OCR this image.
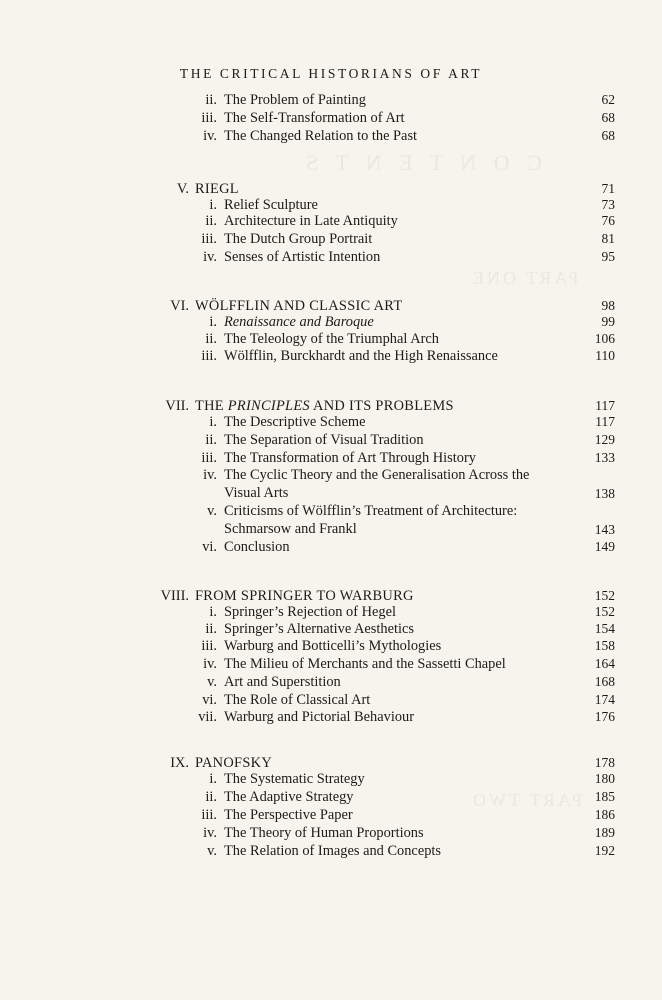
C O N T E N T S
PART ONE
PART TWO
THE CRITICAL HISTORIANS OF ART
ii. The Problem of Painting	62
iii. The Self-Transformation of Art	68
iv. The Changed Relation to the Past	68
V. RIEGL	71
i. Relief Sculpture	73
ii. Architecture in Late Antiquity	76
iii. The Dutch Group Portrait	81
iv. Senses of Artistic Intention	95
VI. WÖLFFLIN AND CLASSIC ART	98
i. Renaissance and Baroque	99
ii. The Teleology of the Triumphal Arch	106
iii. Wölfflin, Burckhardt and the High Renaissance	110
VII. THE PRINCIPLES AND ITS PROBLEMS	117
i. The Descriptive Scheme	117
ii. The Separation of Visual Tradition	129
iii. The Transformation of Art Through History	133
iv. The Cyclic Theory and the Generalisation Across the
Visual Arts	138
v. Criticisms of Wölfflin’s Treatment of Architecture:
Schmarsow and Frankl	143
vi. Conclusion	149
VIII. FROM SPRINGER TO WARBURG	152
i. Springer’s Rejection of Hegel	152
ii. Springer’s Alternative Aesthetics	154
iii. Warburg and Botticelli’s Mythologies	158
iv. The Milieu of Merchants and the Sassetti Chapel	164
v. Art and Superstition	168
vi. The Role of Classical Art	174
vii. Warburg and Pictorial Behaviour	176
IX. PANOFSKY	178
i. The Systematic Strategy	180
ii. The Adaptive Strategy	185
iii. The Perspective Paper	186
iv. The Theory of Human Proportions	189
v. The Relation of Images and Concepts	192
